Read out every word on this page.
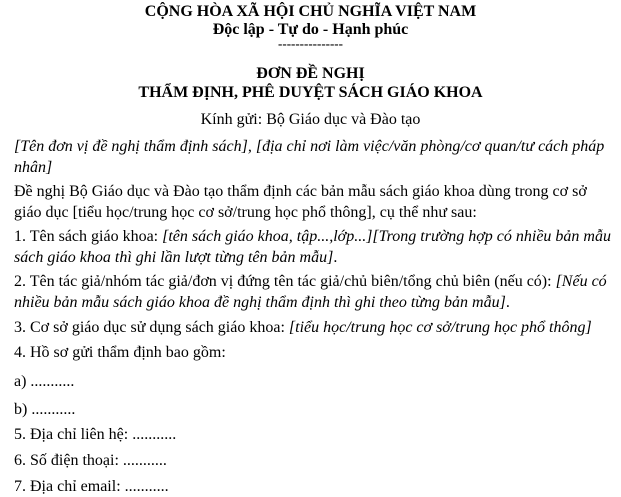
CỘNG HÒA XÃ HỘI CHỦ NGHĨA VIỆT NAM
Độc lập - Tự do - Hạnh phúc
---------------
ĐƠN ĐỀ NGHỊ
THẨM ĐỊNH, PHÊ DUYỆT SÁCH GIÁO KHOA
Kính gửi: Bộ Giáo dục và Đào tạo
[Tên đơn vị đề nghị thẩm định sách], [địa chỉ nơi làm việc/văn phòng/cơ quan/tư cách pháp nhân]
Đề nghị Bộ Giáo dục và Đào tạo thẩm định các bản mẫu sách giáo khoa dùng trong cơ sở giáo dục [tiểu học/trung học cơ sở/trung học phổ thông], cụ thể như sau:
1. Tên sách giáo khoa: [tên sách giáo khoa, tập...,lớp...][Trong trường hợp có nhiều bản mẫu sách giáo khoa thì ghi lần lượt từng tên bản mẫu].
2. Tên tác giả/nhóm tác giả/đơn vị đứng tên tác giả/chủ biên/tổng chủ biên (nếu có): [Nếu có nhiều bản mẫu sách giáo khoa đề nghị thẩm định thì ghi theo từng bản mẫu].
3. Cơ sở giáo dục sử dụng sách giáo khoa: [tiểu học/trung học cơ sở/trung học phổ thông]
4. Hồ sơ gửi thẩm định bao gồm:
a) ...........
b) ...........
5. Địa chỉ liên hệ: ...........
6. Số điện thoại: ...........
7. Địa chỉ email: ...........
